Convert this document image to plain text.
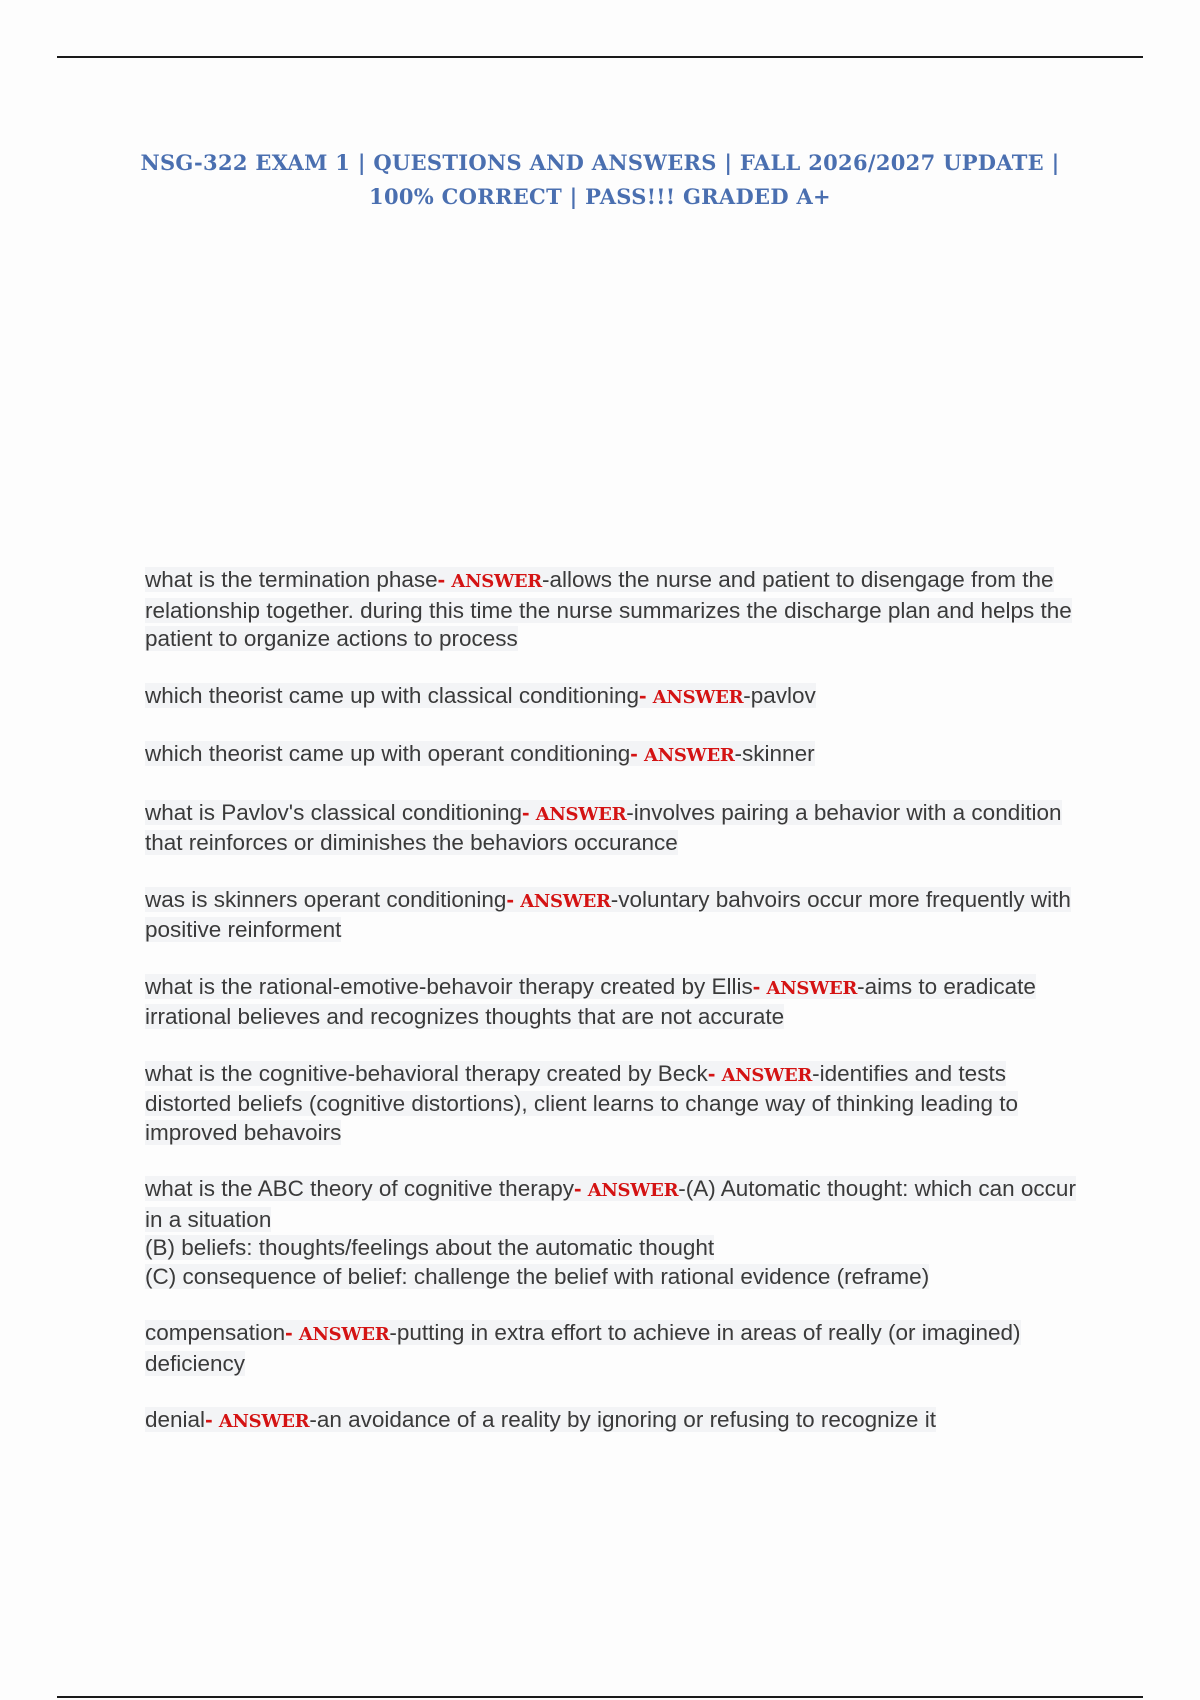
NSG-322 EXAM 1 | QUESTIONS AND ANSWERS | FALL 2026/2027 UPDATE | 100% CORRECT | PASS!!! GRADED A+
what is the termination phase- ANSWER-allows the nurse and patient to disengage from the relationship together. during this time the nurse summarizes the discharge plan and helps the patient to organize actions to process
which theorist came up with classical conditioning- ANSWER-pavlov
which theorist came up with operant conditioning- ANSWER-skinner
what is Pavlov's classical conditioning- ANSWER-involves pairing a behavior with a condition that reinforces or diminishes the behaviors occurance
was is skinners operant conditioning- ANSWER-voluntary bahvoirs occur more frequently with positive reinforment
what is the rational-emotive-behavoir therapy created by Ellis- ANSWER-aims to eradicate irrational believes and recognizes thoughts that are not accurate
what is the cognitive-behavioral therapy created by Beck- ANSWER-identifies and tests distorted beliefs (cognitive distortions), client learns to change way of thinking leading to improved behavoirs
what is the ABC theory of cognitive therapy- ANSWER-(A) Automatic thought: which can occur in a situation
(B) beliefs: thoughts/feelings about the automatic thought
(C) consequence of belief: challenge the belief with rational evidence (reframe)
compensation- ANSWER-putting in extra effort to achieve in areas of really (or imagined) deficiency
denial- ANSWER-an avoidance of a reality by ignoring or refusing to recognize it
